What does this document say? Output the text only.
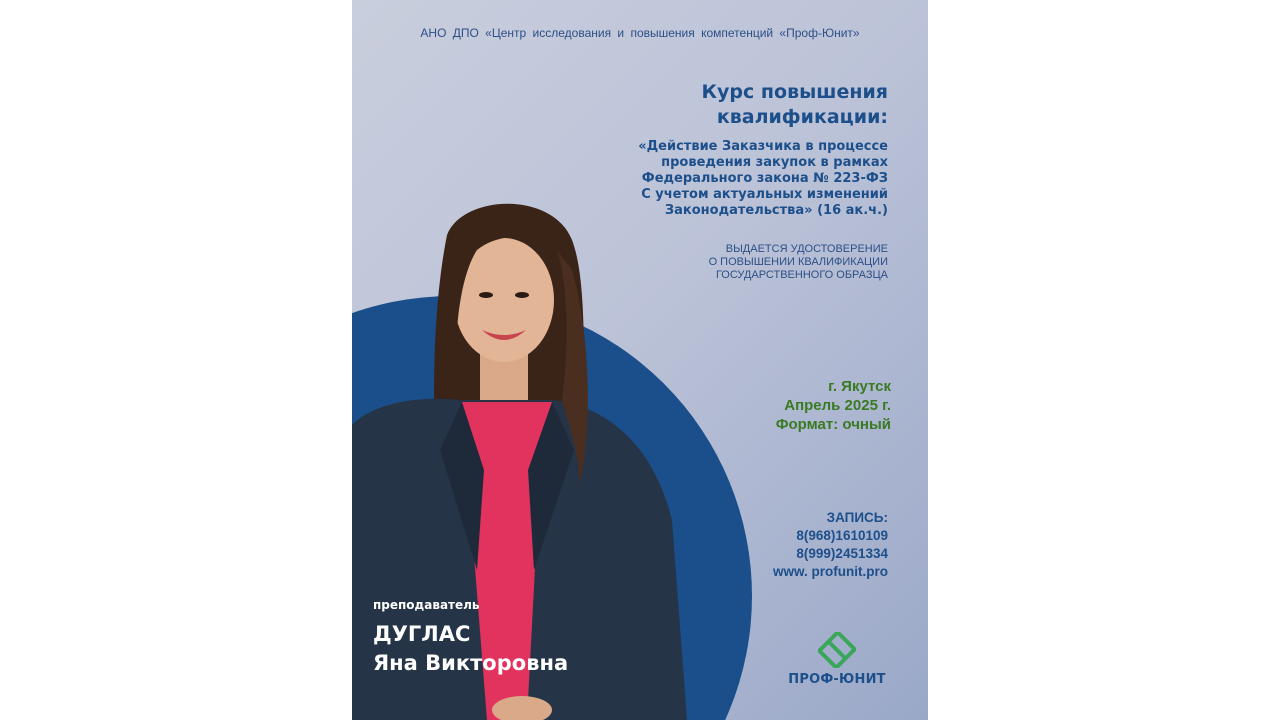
АНО ДПО «Центр исследования и повышения компетенций «Проф-Юнит»
Курс повышения
квалификации:
«Действие Заказчика в процессе
проведения закупок в рамках
Федерального закона № 223-ФЗ
С учетом актуальных изменений
Законодательства» (16 ак.ч.)
ВЫДАЕТСЯ УДОСТОВЕРЕНИЕ
О ПОВЫШЕНИИ КВАЛИФИКАЦИИ
ГОСУДАРСТВЕННОГО ОБРАЗЦА
г. Якутск
Апрель 2025 г.
Формат: очный
ЗАПИСЬ:
8(968)1610109
8(999)2451334
www. profunit.pro
преподаватель
ДУГЛАС
Яна Викторовна
ПРОФ-ЮНИТ
